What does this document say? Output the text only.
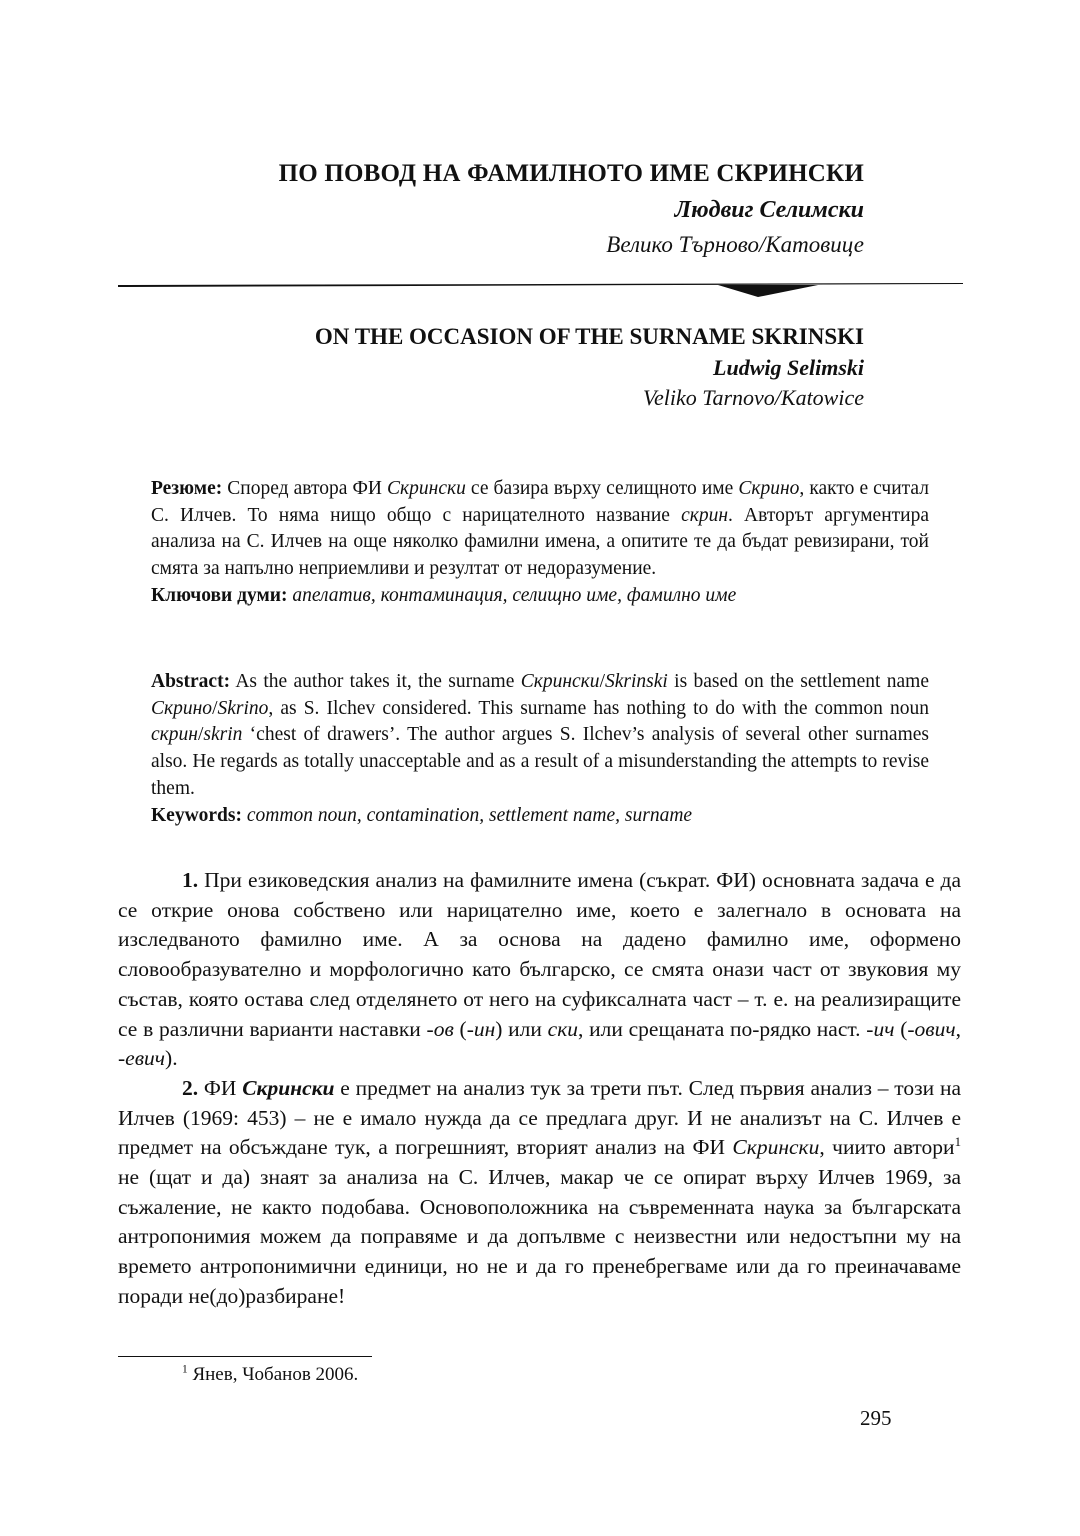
ПО ПОВОД НА ФАМИЛНОТО ИМЕ СКРИНСКИ
Людвиг Селимски
Велико Търново/Катовице
ON THE OCCASION OF THE SURNAME SKRINSKI
Ludwig Selimski
Veliko Tarnovo/Katowice
Резюме: Според автора ФИ Скрински се базира върху селищното име Скрино, както е считал С. Илчев. То няма нищо общо с нарицателното название скрин. Авторът аргументира анализа на С. Илчев на още няколко фамилни имена, а опитите те да бъдат ревизирани, той смята за напълно неприемливи и резултат от недоразумение.
Ключови думи: апелатив, контаминация, селищно име, фамилно име
Abstract: As the author takes it, the surname Скрински/Skrinski is based on the settlement name Скрино/Skrino, as S. Ilchev considered. This surname has nothing to do with the common noun скрин/skrin ‘chest of drawers’. The author argues S. Ilchev’s analysis of several other surnames also. He regards as totally unacceptable and as a result of a misunderstanding the attempts to revise them.
Keywords: common noun, contamination, settlement name, surname

1. При езиковедския анализ на фамилните имена (съкрат. ФИ) основната задача е да се открие онова собствено или нарицателно име, което е залегнало в основата на изследваното фамилно име. А за основа на дадено фамилно име, оформено словообразувателно и морфологично като българско, се смята онази част от звуковия му състав, която остава след отделянето от него на суфиксалната част – т. е. на реализиращите се в различни варианти наставки -ов (-ин) или ски, или срещаната по-рядко наст. -ич (-ович, -евич).

2. ФИ Скрински е предмет на анализ тук за трети път. След първия анализ – този на Илчев (1969: 453) – не е имало нужда да се предлага друг. И не анализът на С. Илчев е предмет на обсъждане тук, а погрешният, вторият анализ на ФИ Скрински, чиито автори$^1$ не (щат и да) знаят за анализа на С. Илчев, макар че се опират върху Илчев 1969, за съжаление, не както подобава. Основоположника на съвременната наука за българската антропонимия можем да поправяме и да допълвме с неизвестни или недостъпни му на времето антропонимични единици, но не и да го пренебрегваме или да го преиначаваме поради не(до)разбиране!

$^1$ Янев, Чобанов 2006.
295
